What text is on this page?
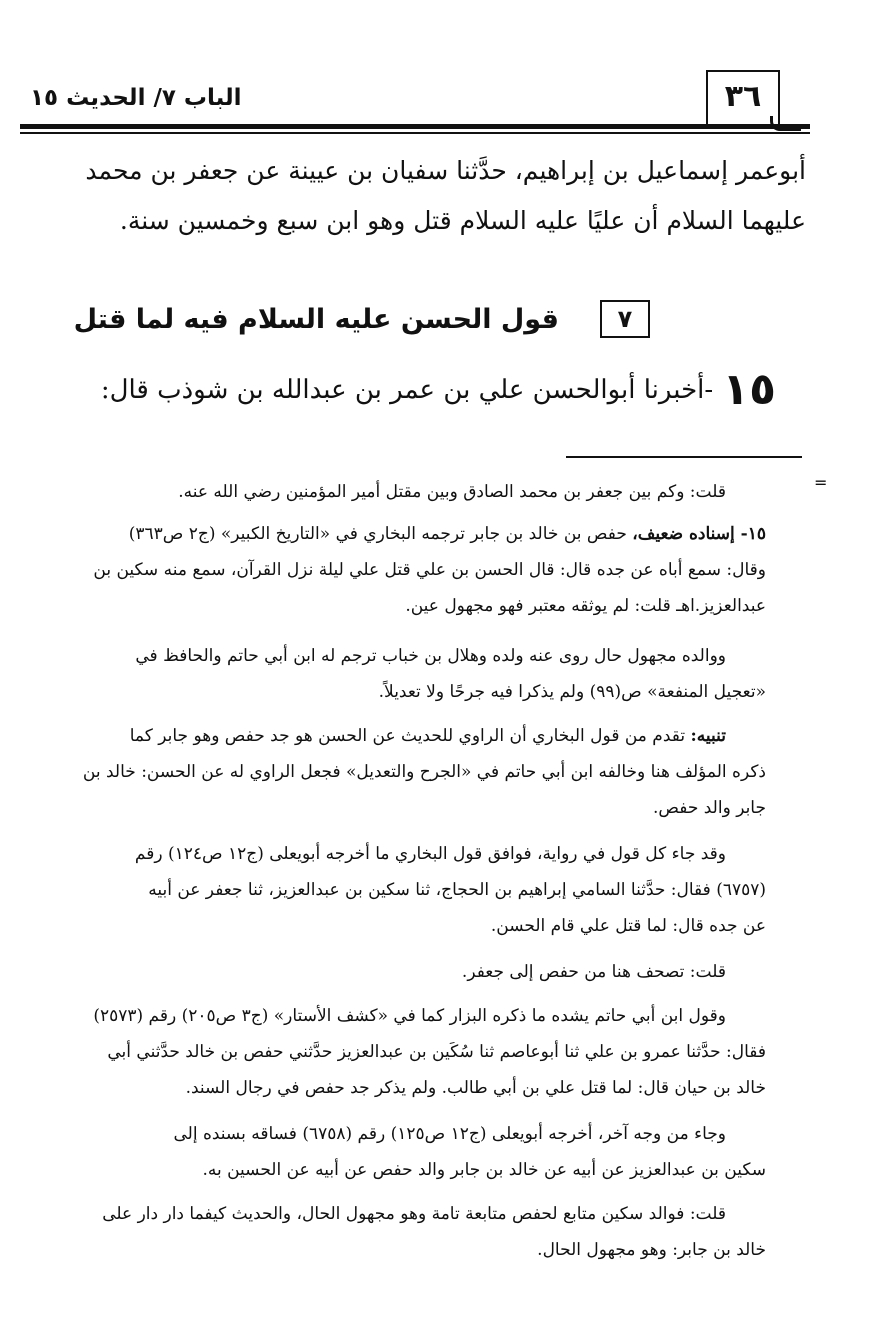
الباب ٧/ الحديث ١٥	٣٦
أبوعمر إسماعيل بن إبراهيم، حدَّثنا سفيان بن عيينة عن جعفر بن محمد
عليهما السلام أن عليًا عليه السلام قتل وهو ابن سبع وخمسين سنة.
٧ قول الحسن عليه السلام فيه لما قتل
١٥ -أخبرنا أبوالحسن علي بن عمر بن عبدالله بن شوذب قال:
=
قلت: وكم بين جعفر بن محمد الصادق وبين مقتل أمير المؤمنين رضي الله عنه.
١٥- إسناده ضعيف، حفص بن خالد بن جابر ترجمه البخاري في «التاريخ الكبير» (ج٢ ص٣٦٣)
وقال: سمع أباه عن جده قال: قال الحسن بن علي قتل علي ليلة نزل القرآن، سمع منه سكين بن
عبدالعزيز.اهـ قلت: لم يوثقه معتبر فهو مجهول عين.
ووالده مجهول حال روى عنه ولده وهلال بن خباب ترجم له ابن أبي حاتم والحافظ في
«تعجيل المنفعة» ص(٩٩) ولم يذكرا فيه جرحًا ولا تعديلاً.
تنبيه: تقدم من قول البخاري أن الراوي للحديث عن الحسن هو جد حفص وهو جابر كما
ذكره المؤلف هنا وخالفه ابن أبي حاتم في «الجرح والتعديل» فجعل الراوي له عن الحسن: خالد بن
جابر والد حفص.
وقد جاء كل قول في رواية، فوافق قول البخاري ما أخرجه أبويعلى (ج١٢ ص١٢٤) رقم
(٦٧٥٧) فقال: حدَّثنا السامي إبراهيم بن الحجاج، ثنا سكين بن عبدالعزيز، ثنا جعفر عن أبيه
عن جده قال: لما قتل علي قام الحسن.
قلت: تصحف هنا من حفص إلى جعفر.
وقول ابن أبي حاتم يشده ما ذكره البزار كما في «كشف الأستار» (ج٣ ص٢٠٥) رقم (٢٥٧٣)
فقال: حدَّثنا عمرو بن علي ثنا أبوعاصم ثنا سُكَين بن عبدالعزيز حدَّثني حفص بن خالد حدَّثني أبي
خالد بن حيان قال: لما قتل علي بن أبي طالب. ولم يذكر جد حفص في رجال السند.
وجاء من وجه آخر، أخرجه أبويعلى (ج١٢ ص١٢٥) رقم (٦٧٥٨) فساقه بسنده إلى
سكين بن عبدالعزيز عن أبيه عن خالد بن جابر والد حفص عن أبيه عن الحسين به.
قلت: فوالد سكين متابع لحفص متابعة تامة وهو مجهول الحال، والحديث كيفما دار دار على
خالد بن جابر: وهو مجهول الحال.
